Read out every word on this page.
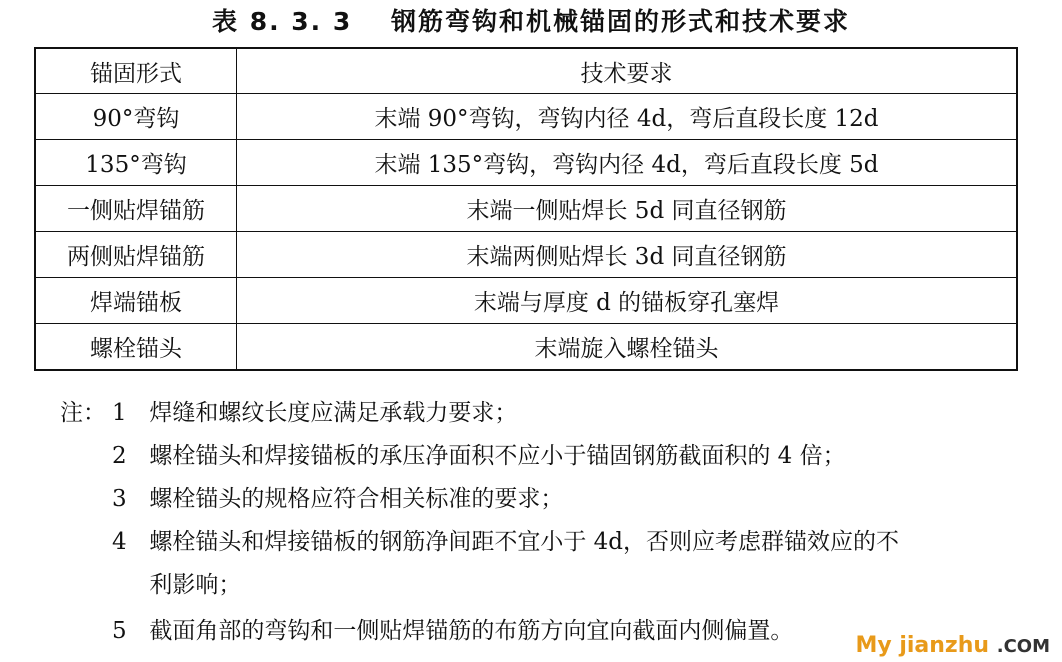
表 8. 3. 3 钢筋弯钩和机械锚固的形式和技术要求
锚固形式	技术要求
90°弯钩	末端 90°弯钩，弯钩内径 4d，弯后直段长度 12d
135°弯钩	末端 135°弯钩，弯钩内径 4d，弯后直段长度 5d
一侧贴焊锚筋	末端一侧贴焊长 5d 同直径钢筋
两侧贴焊锚筋	末端两侧贴焊长 3d 同直径钢筋
焊端锚板	末端与厚度 d 的锚板穿孔塞焊
螺栓锚头	末端旋入螺栓锚头
注： 1 焊缝和螺纹长度应满足承载力要求；
2 螺栓锚头和焊接锚板的承压净面积不应小于锚固钢筋截面积的 4 倍；
3 螺栓锚头的规格应符合相关标准的要求；
4 螺栓锚头和焊接锚板的钢筋净间距不宜小于 4d，否则应考虑群锚效应的不
利影响；
5 截面角部的弯钩和一侧贴焊锚筋的布筋方向宜向截面内侧偏置。
My jianzhu .COM
